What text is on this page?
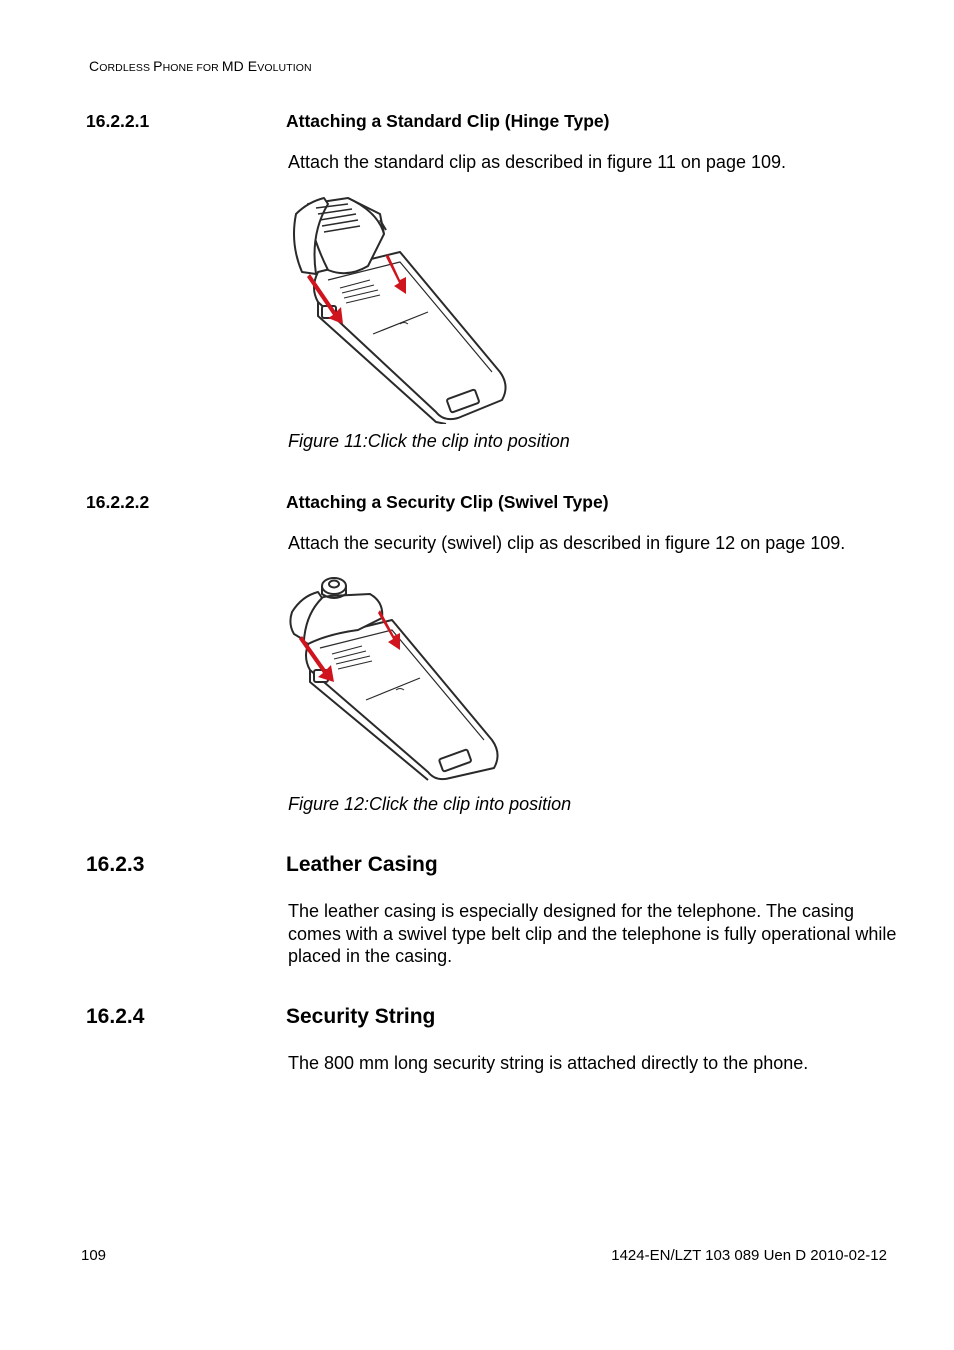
CORDLESS PHONE FOR MD EVOLUTION
16.2.2.1	Attaching a Standard Clip (Hinge Type)
Attach the standard clip as described in figure 11 on page 109.
Figure 11:Click the clip into position
16.2.2.2	Attaching a Security Clip (Swivel Type)
Attach the security (swivel) clip as described in figure 12 on page 109.
Figure 12:Click the clip into position
16.2.3	Leather Casing
The leather casing is especially designed for the telephone. The casing comes with a swivel type belt clip and the telephone is fully operational while placed in the casing.
16.2.4	Security String
The 800 mm long security string is attached directly to the phone.
109	1424-EN/LZT 103 089 Uen D 2010-02-12
